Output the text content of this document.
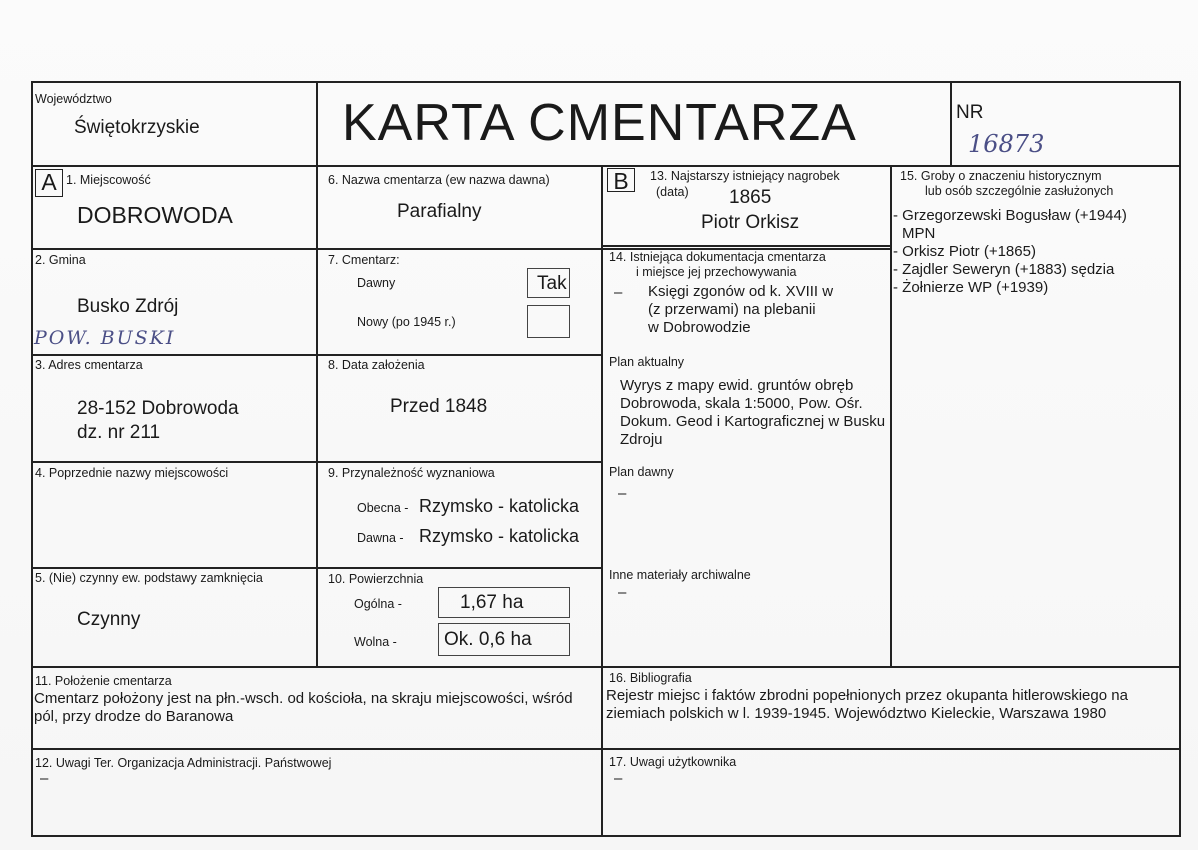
Województwo
Świętokrzyskie	KARTA CMENTARZA	NR
16873
A 1. Miejscowość
DOBROWODA
2. Gmina
Busko Zdrój
POW. BUSKI
3. Adres cmentarza
28-152 Dobrowoda
dz. nr 211
4. Poprzednie nazwy miejscowości
5. (Nie) czynny ew. podstawy zamknięcia
Czynny
6. Nazwa cmentarza (ew nazwa dawna)
Parafialny
7. Cmentarz:
Dawny	Tak
Nowy (po 1945 r.)
8. Data założenia
Przed 1848
9. Przynależność wyznaniowa
Obecna - Rzymsko - katolicka
Dawna - Rzymsko - katolicka
10. Powierzchnia
Ogólna -	1,67 ha
Wolna - Ok. 0,6 ha
B	13. Najstarszy istniejący nagrobek
(data) 1865
Piotr Orkisz
14. Istniejąca dokumentacja cmentarza
i miejsce jej przechowywania
– Księgi zgonów od k. XVIII w
(z przerwami) na plebanii
w Dobrowodzie
Plan aktualny
Wyrys z mapy ewid. gruntów obręb Dobrowoda, skala 1:5000, Pow. Ośr. Dokum. Geod i Kartograficznej w Busku Zdroju
Plan dawny
–
Inne materiały archiwalne
–
15. Groby o znaczeniu historycznym
lub osób szczególnie zasłużonych
- Grzegorzewski Bogusław (+1944)
MPN
- Orkisz Piotr (+1865)
- Zajdler Seweryn (+1883) sędzia
- Żołnierze WP (+1939)
11. Położenie cmentarza
Cmentarz położony jest na płn.-wsch. od kościoła, na skraju miejscowości, wśród pól, przy drodze do Baranowa
16. Bibliografia
Rejestr miejsc i faktów zbrodni popełnionych przez okupanta hitlerowskiego na ziemiach polskich w l. 1939-1945. Województwo Kieleckie, Warszawa 1980
12. Uwagi Ter. Organizacja Administracji. Państwowej
–
17. Uwagi użytkownika
–
